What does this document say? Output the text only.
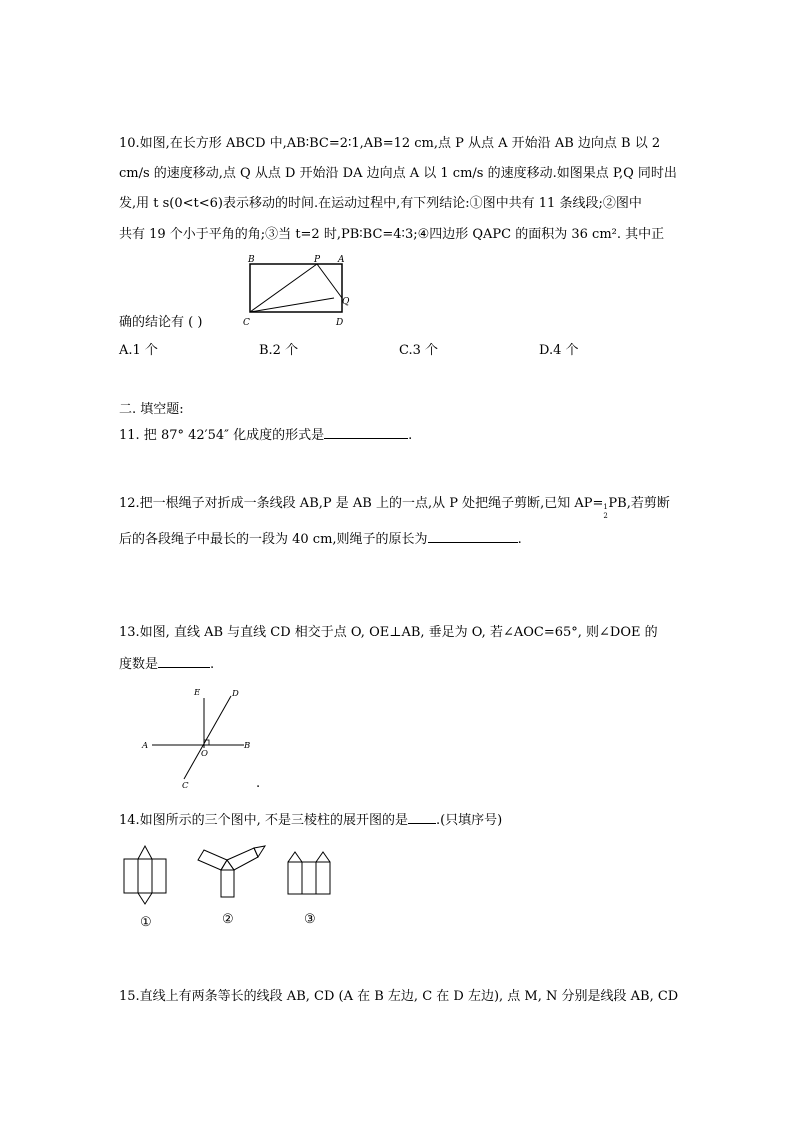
10.如图,在长方形 ABCD 中,AB∶BC=2∶1,AB=12 cm,点 P 从点 A 开始沿 AB 边向点 B 以 2
cm/s 的速度移动,点 Q 从点 D 开始沿 DA 边向点 A 以 1 cm/s 的速度移动.如图果点 P,Q 同时出
发,用 t s(0<t<6)表示移动的时间.在运动过程中,有下列结论:①图中共有 11 条线段;②图中
共有 19 个小于平角的角;③当 t=2 时,PB∶BC=4∶3;④四边形 QAPC 的面积为 36 cm². 其中正
B	P A
Q
C	D
确的结论有 ( )
A.1 个	B.2 个	C.3 个	D.4 个
二. 填空题:
11. 把 87° 42′54″ 化成度的形式是	.
12.把一根绳子对折成一条线段 AB,P 是 AB 上的一点,从 P 处把绳子剪断,已知 AP= 1
2
PB,若剪断
后的各段绳子中最长的一段为 40 cm,则绳子的原长为	.
13.如图, 直线 AB 与直线 CD 相交于点 O, OE⊥AB, 垂足为 O, 若∠AOC=65°, 则∠DOE 的
度数是	.
E	D
A
O
B
C	.
14.如图所示的三个图中, 不是三棱柱的展开图的是 .(只填序号)
①	②	③
15.直线上有两条等长的线段 AB, CD (A 在 B 左边, C 在 D 左边), 点 M, N 分别是线段 AB, CD
